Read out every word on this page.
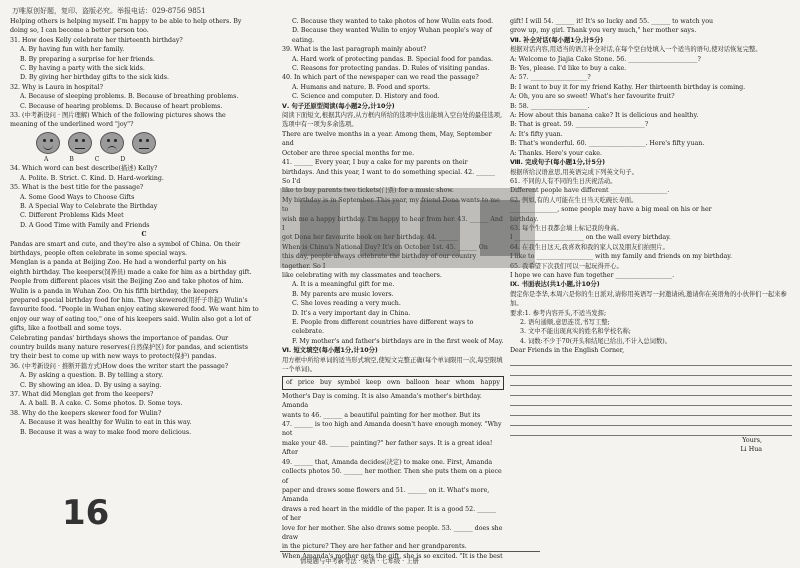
万唯原创好题，复印、盗版必究。举报电话：029-8756 9851

Helping others is helping myself. I'm happy to be able to help others. By

doing so, I can become a better person too.

31. How does Kelly celebrate her thirteenth birthday?

A. By having fun with her family.

B. By preparing a surprise for her friends.

C. By having a party with the sick kids.

D. By giving her birthday gifts to the sick kids.

32. Why is Laura in hospital?

A. Because of sleeping problems. B. Because of breathing problems.

C. Because of hearing problems. D. Because of heart problems.

33. (中考新设问 · 图片理解) Which of the following pictures shows the

meaning of the underlined word "joy"?

A	B	C	D

34. Which word can best describe(描述) Kelly?

A. Polite. B. Strict. C. Kind. D. Hard-working.

35. What is the best title for the passage?

A. Some Good Ways to Choose Gifts

B. A Special Way to Celebrate the Birthday

C. Different Problems Kids Meet

D. A Good Time with Family and Friends

C

Pandas are smart and cute, and they're also a symbol of China. On their

birthdays, people often celebrate in some special ways.

Menglan is a panda at Beijing Zoo. He had a wonderful party on his

eighth birthday. The keepers(饲养员) made a cake for him as a birthday gift.

People from different places visit the Beijing Zoo and take photos of him.

Wulin is a panda in Wuhan Zoo. On his fifth birthday, the keepers

prepared special birthday food for him. They skewered(用扦子串起) Wulin's

favourite food. "People in Wuhan enjoy eating skewered food. We want him to

enjoy our way of eating too," one of his keepers said. Wulin also got a lot of

gifts, like a football and some toys.

Celebrating pandas' birthdays shows the importance of pandas. Our

country builds many nature reserves(自然保护区) for pandas, and scientists

try their best to come up with new ways to protect(保护) pandas.

36. (中考新设问 · 推断开篇方式)How does the writer start the passage?

A. By asking a question. B. By telling a story.

C. By showing an idea. D. By using a saying.

37. What did Menglan get from the keepers?

A. A ball. B. A cake. C. Some photos. D. Some toys.

38. Why do the keepers skewer food for Wulin?

A. Because it was healthy for Wulin to eat in this way.

B. Because it was a way to make food more delicious.

C. Because they wanted to take photos of how Wulin eats food.

D. Because they wanted Wulin to enjoy Wuhan people's way of eating.

39. What is the last paragraph mainly about?

A. Hard work of protecting pandas. B. Special food for pandas.

C. Reasons for protecting pandas. D. Rules of visiting pandas.

40. In which part of the newspaper can we read the passage?

A. Humans and nature. B. Food and sports.

C. Science and computer. D. History and food.

Ⅴ. 句子还原型阅读(每小题2分,计10分)

阅读下面短文,根据其内容,从方框内所给的选项中选出能填入空白处的最佳选项,选项中有一项为多余选项。

There are twelve months in a year. Among them, May, September and

October are three special months for me.

41. ______ Every year, I buy a cake for my parents on their

birthdays. And this year, I want to do something special. 42. ______ So I'd

like to buy parents two tickets(门票) for a music show.

My birthday is in September. This year, my friend Dona wants to me to

wish me a happy birthday. I'm happy to hear from her. 43. ______ And I

got Dona her favourite book on her birthday. 44. ______

When is China's National Day? It's on October 1st. 45. ______ On

this day, people always celebrate the birthday of our country together. So I

like celebrating with my classmates and teachers.

A. It is a meaningful gift for me.

B. My parents are music lovers.

C. She loves reading a very much.

D. It's a very important day in China.

E. People from different countries have different ways to celebrate.

F. My mother's and father's birthdays are in the first week of May.

Ⅵ. 短文填空(每小题1分,计10分)

用方框中所给单词的适当形式填空,使短文完整正确(每个单词限用一次,每空限填一个单词)。

of price buy symbol keep own balloon hear whom happy

Mother's Day is coming. It is also Amanda's mother's birthday. Amanda

wants to 46. ______ a beautiful painting for her mother. But its

47. ______ is too high and Amanda doesn't have enough money. "Why not

make your 48. ______ painting?" her father says. It is a great idea! After

49. ______ that, Amanda decides(决定) to make one. First, Amanda

collects photos 50. ______ her mother. Then she puts them on a piece of

paper and draws some flowers and 51. ______ on it. What's more, Amanda

draws a red heart in the middle of the paper. It is a good 52. ______ of her

love for her mother. She also draws some people. 53. ______ does she draw

in the picture? They are her father and her grandparents.

When Amanda's mother gets the gift, she is so excited. "It is the best

gift! I will 54. ______ it! It's so lucky and 55. ______ to watch you

grow up, my girl. Thank you very much," her mother says.

Ⅶ. 补全对话(每小题1分,计5分)

根据对话内容,用适当的语言补全对话,在每个空白处填入一个适当的语句,使对话恢复完整。

A: Welcome to Jiajia Cake Stone. 56. ______________________?

B: Yes, please. I'd like to buy a cake.

A: 57. __________________?

B: I want to buy it for my friend Kathy. Her thirteenth birthday is coming.

A: Oh, you are so sweet! What's her favourite fruit?

B: 58. __________________.

A: How about this banana cake? It is delicious and healthy.

B: That is great. 59. ______________________?

A: It's fifty yuan.

B: That's wonderful. 60. __________________. Here's fifty yuan.

A: Thanks. Here's your cake.

Ⅷ. 完成句子(每小题1分,计5分)

根据所给汉语意思,用英语完成下列英文句子。

61. 不同的人有不同的生日庆祝活动。

Different people have different __________________.

62. 例如,有的人可能在生日当天吃碗长寿面。

_______________, some people may have a big meal on his or her

birthday.

63. 每个生日我都会墙上标记我的身高。

I ______________________ on the wall every birthday.

64. 在我生日这天,我喜欢和我的家人以及朋友们拍照片。

I like to __________________ with my family and friends on my birthday.

65. 我希望下次我们可以一起玩得开心。

I hope we can have fun together __________________.

Ⅸ. 书面表达(共1小题,计10分)

假定你是李华,本周六是你的生日派对,请你用英语写一封邀请函,邀请你在英语角的小伙伴们一起来参加。

要求:1. 参考内容开头,不适当发挥;

2. 语句通顺,意思连贯,书写工整;

3. 文中不能出现真实的姓名和学校名称;

4. 词数:不少于70(开头和结尾已给出,不计入总词数)。

Dear Friends in the English Corner,

Yours,

Li Hua

16
情境题与中考新考法 · 英语 · 七年级 · 上册
